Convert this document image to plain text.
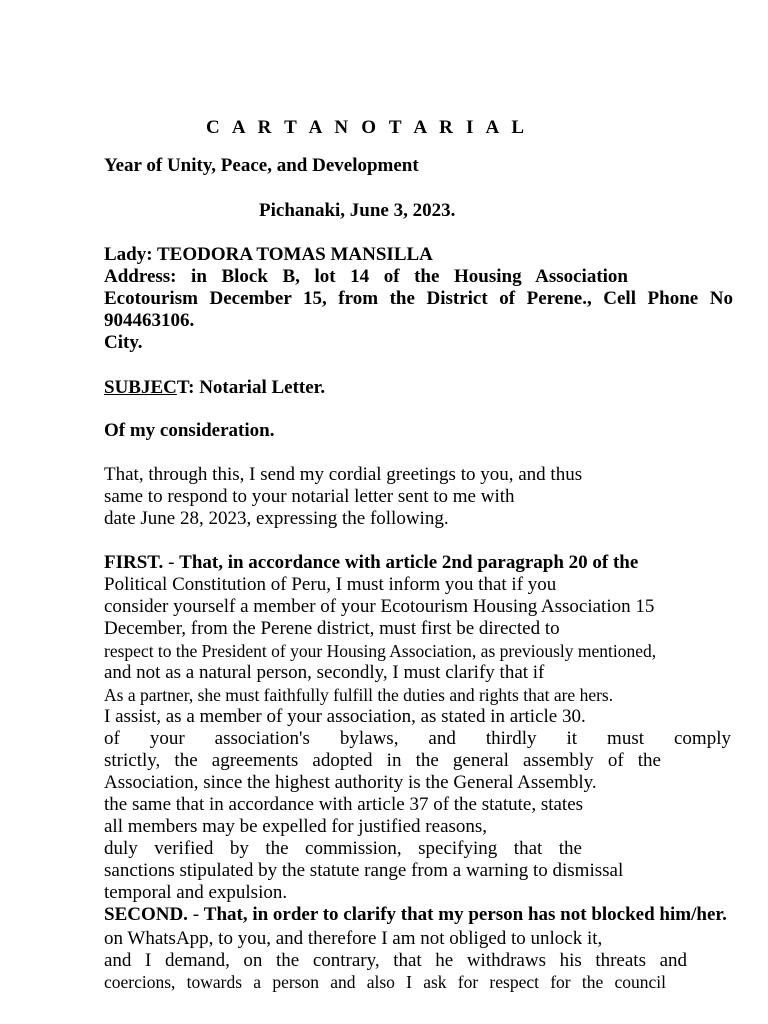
C A R T A N O T A R I A L
Year of Unity, Peace, and Development
Pichanaki, June 3, 2023.
Lady: TEODORA TOMAS MANSILLA
Address: in Block B, lot 14 of the Housing Association
Ecotourism December 15, from the District of Perene., Cell Phone No
904463106.
City.
SUBJECT: Notarial Letter.
Of my consideration.
That, through this, I send my cordial greetings to you, and thus
same to respond to your notarial letter sent to me with
date June 28, 2023, expressing the following.
FIRST. - That, in accordance with article 2nd paragraph 20 of the
Political Constitution of Peru, I must inform you that if you
consider yourself a member of your Ecotourism Housing Association 15
December, from the Perene district, must first be directed to
respect to the President of your Housing Association, as previously mentioned,
and not as a natural person, secondly, I must clarify that if
As a partner, she must faithfully fulfill the duties and rights that are hers.
I assist, as a member of your association, as stated in article 30.
of your association's bylaws, and thirdly it must comply
strictly, the agreements adopted in the general assembly of the
Association, since the highest authority is the General Assembly.
the same that in accordance with article 37 of the statute, states
all members may be expelled for justified reasons,
duly verified by the commission, specifying that the
sanctions stipulated by the statute range from a warning to dismissal
temporal and expulsion.
SECOND. - That, in order to clarify that my person has not blocked him/her.
on WhatsApp, to you, and therefore I am not obliged to unlock it,
and I demand, on the contrary, that he withdraws his threats and
coercions, towards a person and also I ask for respect for the council
